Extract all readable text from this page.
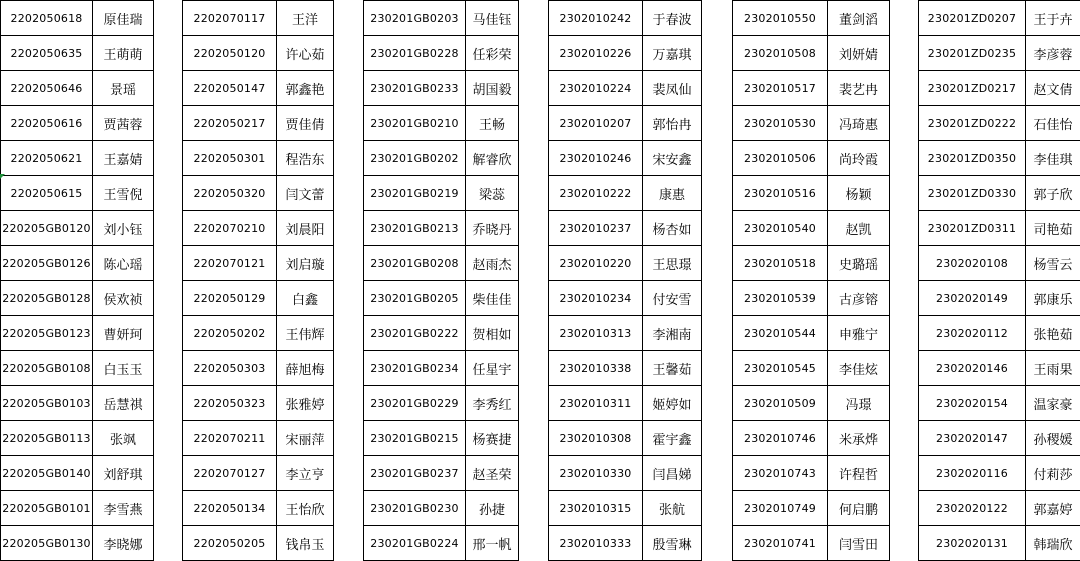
2202050618	原佳瑞
2202050635	王萌萌
2202050646	景瑶
2202050616	贾茜蓉
2202050621	王嘉婧
2202050615	王雪倪
220205GB0120	刘小钰
220205GB0126	陈心瑶
220205GB0128	侯欢祯
220205GB0123	曹妍珂
220205GB0108	白玉玉
220205GB0103	岳慧祺
220205GB0113	张飒
220205GB0140	刘舒琪
220205GB0101	李雪燕
220205GB0130	李晓娜
2202070117	王洋
2202050120	许心茹
2202050147	郭鑫艳
2202050217	贾佳倩
2202050301	程浩东
2202050320	闫文蕾
2202070210	刘晨阳
2202070121	刘启璇
2202050129	白鑫
2202050202	王伟辉
2202050303	薛旭梅
2202050323	张雅婷
2202070211	宋丽萍
2202070127	李立亨
2202050134	王怡欣
2202050205	钱帛玉
230201GB0203	马佳钰
230201GB0228	任彩荣
230201GB0233	胡国毅
230201GB0210	王畅
230201GB0202	解睿欣
230201GB0219	梁蕊
230201GB0213	乔晓丹
230201GB0208	赵雨杰
230201GB0205	柴佳佳
230201GB0222	贺相如
230201GB0234	任星宇
230201GB0229	李秀红
230201GB0215	杨赛捷
230201GB0237	赵圣荣
230201GB0230	孙捷
230201GB0224	邢一帆
2302010242	于春波
2302010226	万嘉琪
2302010224	裴凤仙
2302010207	郭怡冉
2302010246	宋安鑫
2302010222	康惠
2302010237	杨杏如
2302010220	王思璟
2302010234	付安雪
2302010313	李湘南
2302010338	王馨茹
2302010311	姬婷如
2302010308	霍宇鑫
2302010330	闫昌娣
2302010315	张航
2302010333	殷雪琳
2302010550	董剑滔
2302010508	刘妍婧
2302010517	裴艺冉
2302010530	冯琦惠
2302010506	尚玲霞
2302010516	杨颖
2302010540	赵凯
2302010518	史璐瑶
2302010539	古彦镕
2302010544	申雅宁
2302010545	李佳炫
2302010509	冯璟
2302010746	米承烨
2302010743	许程哲
2302010749	何启鹏
2302010741	闫雪田
230201ZD0207	王于卉
230201ZD0235	李彦蓉
230201ZD0217	赵文倩
230201ZD0222	石佳怡
230201ZD0350	李佳琪
230201ZD0330	郭子欣
230201ZD0311	司艳茹
2302020108	杨雪云
2302020149	郭康乐
2302020112	张艳茹
2302020146	王雨果
2302020154	温家豪
2302020147	孙稷媛
2302020116	付莉莎
2302020122	郭嘉婷
2302020131	韩瑞欣
